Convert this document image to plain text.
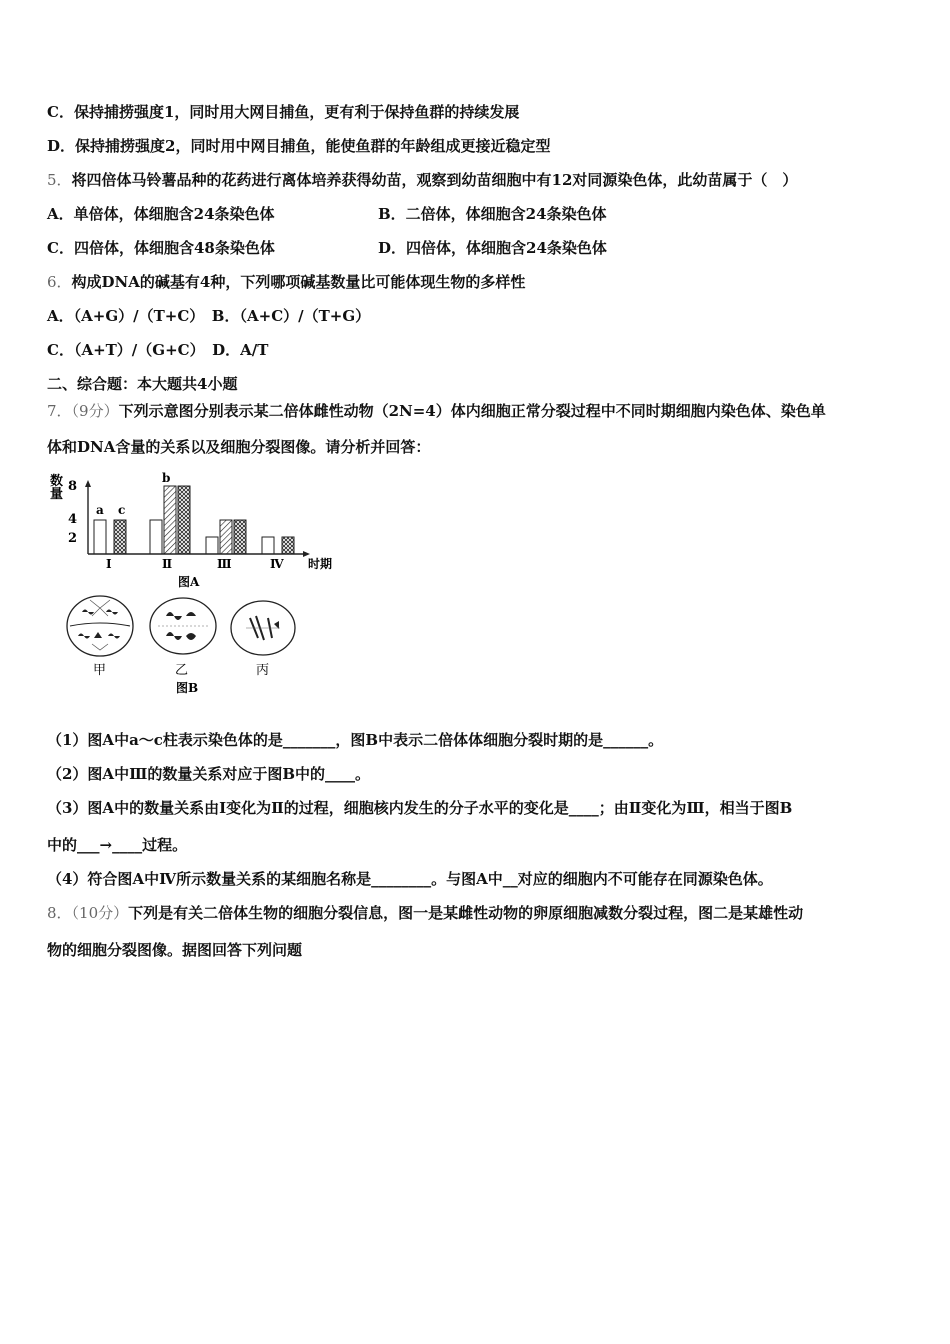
C．保持捕捞强度1，同时用大网目捕鱼，更有利于保持鱼群的持续发展
D．保持捕捞强度2，同时用中网目捕鱼，能使鱼群的年龄组成更接近稳定型
5．将四倍体马铃薯品种的花药进行离体培养获得幼苗，观察到幼苗细胞中有12对同源染色体，此幼苗属于（　）
A．单倍体，体细胞含24条染色体	B．二倍体，体细胞含24条染色体
C．四倍体，体细胞含48条染色体	D．四倍体，体细胞含24条染色体
6．构成DNA的碱基有4种，下列哪项碱基数量比可能体现生物的多样性
A．（A+G）/（T+C）　B．（A+C）/（T+G）
C．（A+T）/（G+C）　D．A/T
二、综合题：本大题共4小题
7．（9分）下列示意图分别表示某二倍体雌性动物（2N=4）体内细胞正常分裂过程中不同时期细胞内染色体、染色单
体和DNA含量的关系以及细胞分裂图像。请分析并回答：
数
量
8
4
2
a
b
c
Ⅰ	Ⅱ	Ⅲ	Ⅳ 时期
图A
甲	乙	丙
图B
（1）图A中a～c柱表示染色体的是_______，图B中表示二倍体体细胞分裂时期的是______。
（2）图A中Ⅲ的数量关系对应于图B中的____。
（3）图A中的数量关系由Ⅰ变化为Ⅱ的过程，细胞核内发生的分子水平的变化是____；由Ⅱ变化为Ⅲ，相当于图B
中的___→____过程。
（4）符合图A中Ⅳ所示数量关系的某细胞名称是________。与图A中__对应的细胞内不可能存在同源染色体。
8．（10分）下列是有关二倍体生物的细胞分裂信息，图一是某雌性动物的卵原细胞减数分裂过程，图二是某雄性动
物的细胞分裂图像。据图回答下列问题
